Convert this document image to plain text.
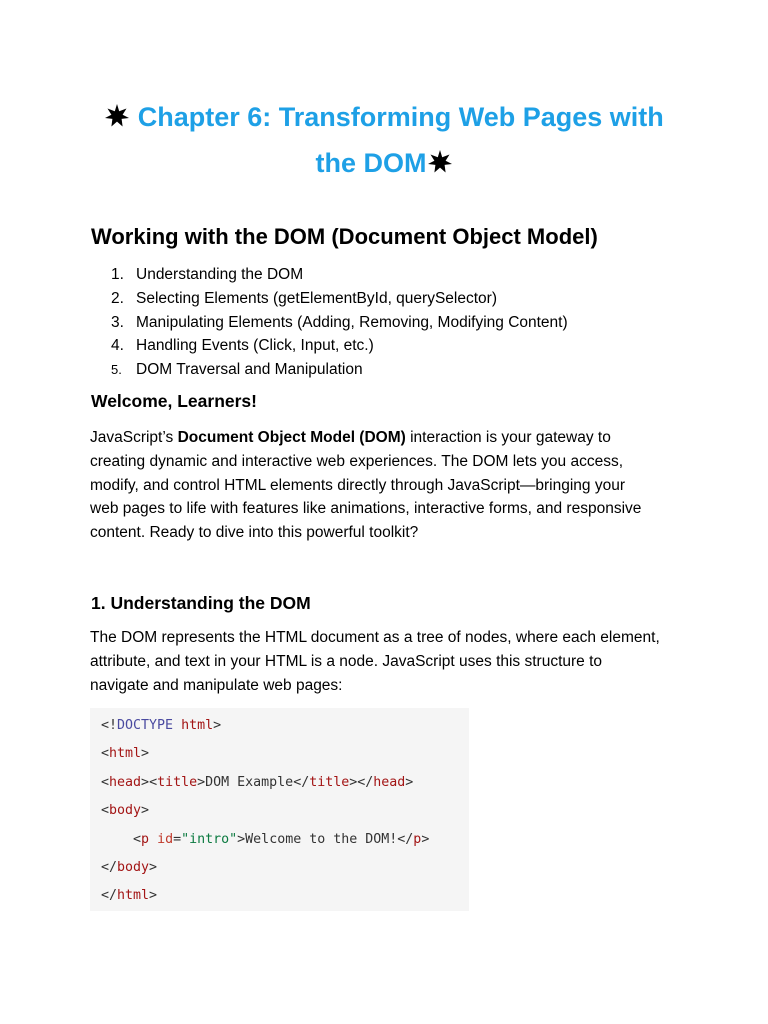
Chapter 6: Transforming Web Pages with
the DOM
Working with the DOM (Document Object Model)
1. Understanding the DOM
2. Selecting Elements (getElementById, querySelector)
3. Manipulating Elements (Adding, Removing, Modifying Content)
4. Handling Events (Click, Input, etc.)
5. DOM Traversal and Manipulation
Welcome, Learners!

JavaScript’s Document Object Model (DOM) interaction is your gateway to
creating dynamic and interactive web experiences. The DOM lets you access,
modify, and control HTML elements directly through JavaScript—bringing your
web pages to life with features like animations, interactive forms, and responsive
content. Ready to dive into this powerful toolkit?

1. Understanding the DOM

The DOM represents the HTML document as a tree of nodes, where each element,
attribute, and text in your HTML is a node. JavaScript uses this structure to
navigate and manipulate web pages:

<!DOCTYPE html>
<html>
<head><title>DOM Example</title></head>
<body>
<p id="intro">Welcome to the DOM!</p>
</body>
</html>
